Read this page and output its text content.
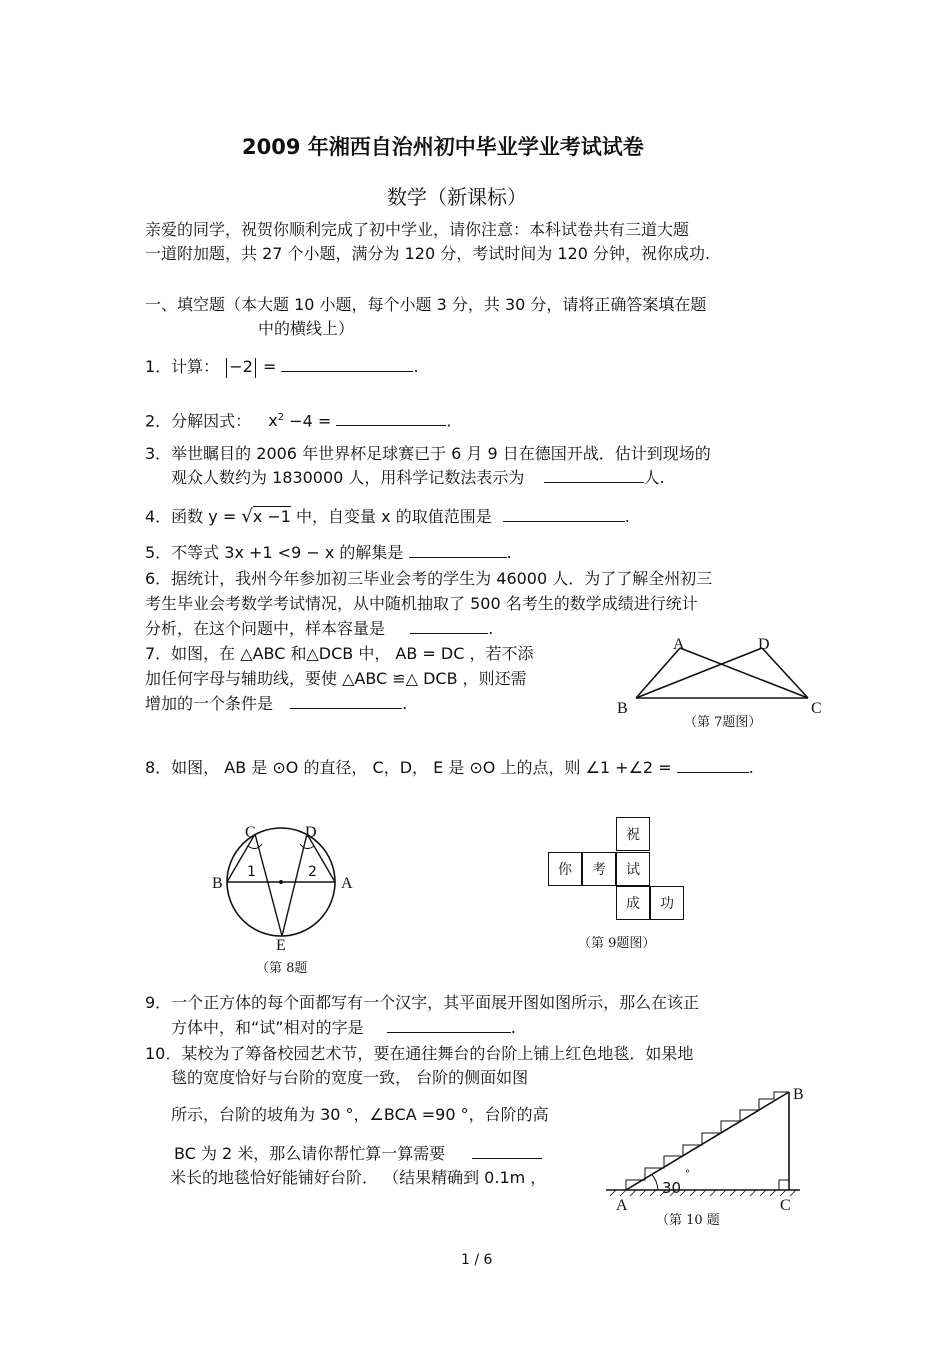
2009 年湘西自治州初中毕业学业考试试卷
数学（新课标）
亲爱的同学，祝贺你顺利完成了初中学业，请你注意：本科试卷共有三道大题
一道附加题，共 27 个小题，满分为 120 分，考试时间为 120 分钟，祝你成功.
一、填空题（本大题 10 小题，每个小题 3 分，共 30 分，请将正确答案填在题
中的横线上）
1．计算： −2 =	.
2．分解因式： $x^2 -4$ =	.
3．举世瞩目的 2006 年世界杯足球赛已于 6 月 9 日在德国开战．估计到现场的
观众人数约为 1830000 人，用科学记数法表示为	人.
4．函数 y = √x −1 中，自变量 x 的取值范围是	.
5．不等式 3x +1 <9 − x 的解集是	.
6．据统计，我州今年参加初三毕业会考的学生为 46000 人．为了了解全州初三
考生毕业会考数学考试情况，从中随机抽取了 500 名考生的数学成绩进行统计
分析，在这个问题中，样本容量是	.
7．如图，在 △ABC 和△DCB 中， AB = DC ，若不添
加任何字母与辅助线，要使 △ABC ≌△ DCB ，则还需
增加的一个条件是	.
A	D
B	C
（第 7题图）
8．如图， AB 是 ⊙O 的直径， C，D， E 是 ⊙O 上的点，则 ∠1 +∠2 =	.
C	D
B	A
E
1	2
（第 8题
祝
你	考	试
成	功
（第 9题图）
9．一个正方体的每个面都写有一个汉字，其平面展开图如图所示，那么在该正
方体中，和“试”相对的字是	.
10．某校为了筹备校园艺术节，要在通往舞台的台阶上铺上红色地毯．如果地
毯的宽度恰好与台阶的宽度一致， 台阶的侧面如图
所示，台阶的坡角为 30 °，∠BCA =90 °，台阶的高
BC 为 2 米，那么请你帮忙算一算需要
米长的地毯恰好能铺好台阶． （结果精确到 0.1m ，
B
A	C
30
°
（第 10 题
1 / 6
